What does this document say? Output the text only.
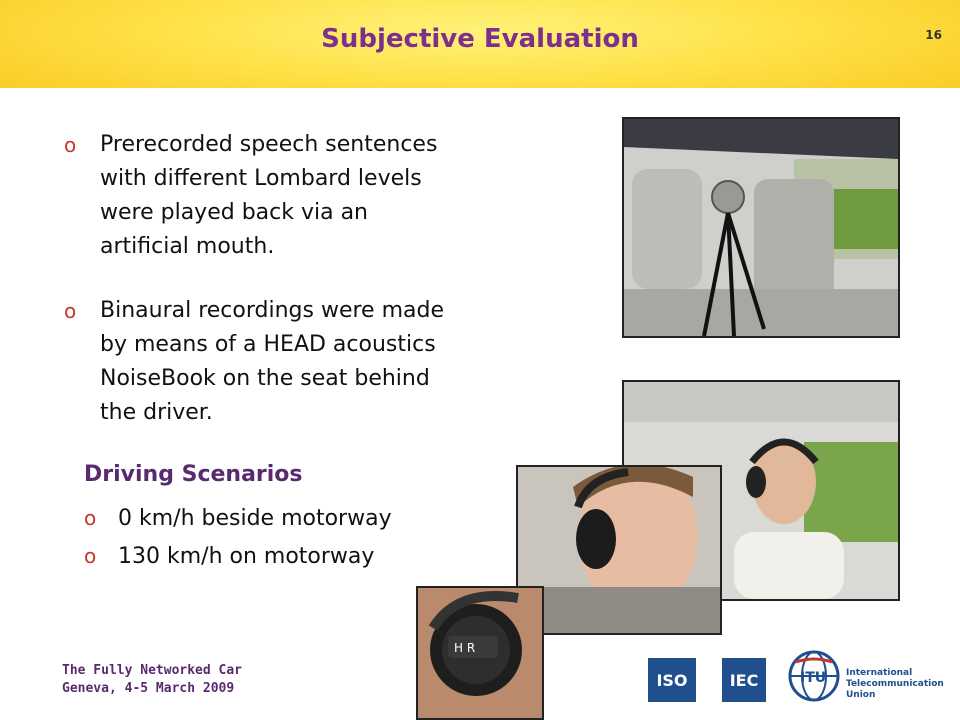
Subjective Evaluation	16
o	Prerecorded speech sentences
with different Lombard levels
were played back via an
artificial mouth.
o	Binaural recordings were made
by means of a HEAD acoustics
NoiseBook on the seat behind
the driver.
Driving Scenarios
o 0 km/h beside motorway
o 130 km/h on motorway
H R
The Fully Networked Car
Geneva, 4-5 March 2009	ISO	IEC	ITU International
Telecommunication
Union
